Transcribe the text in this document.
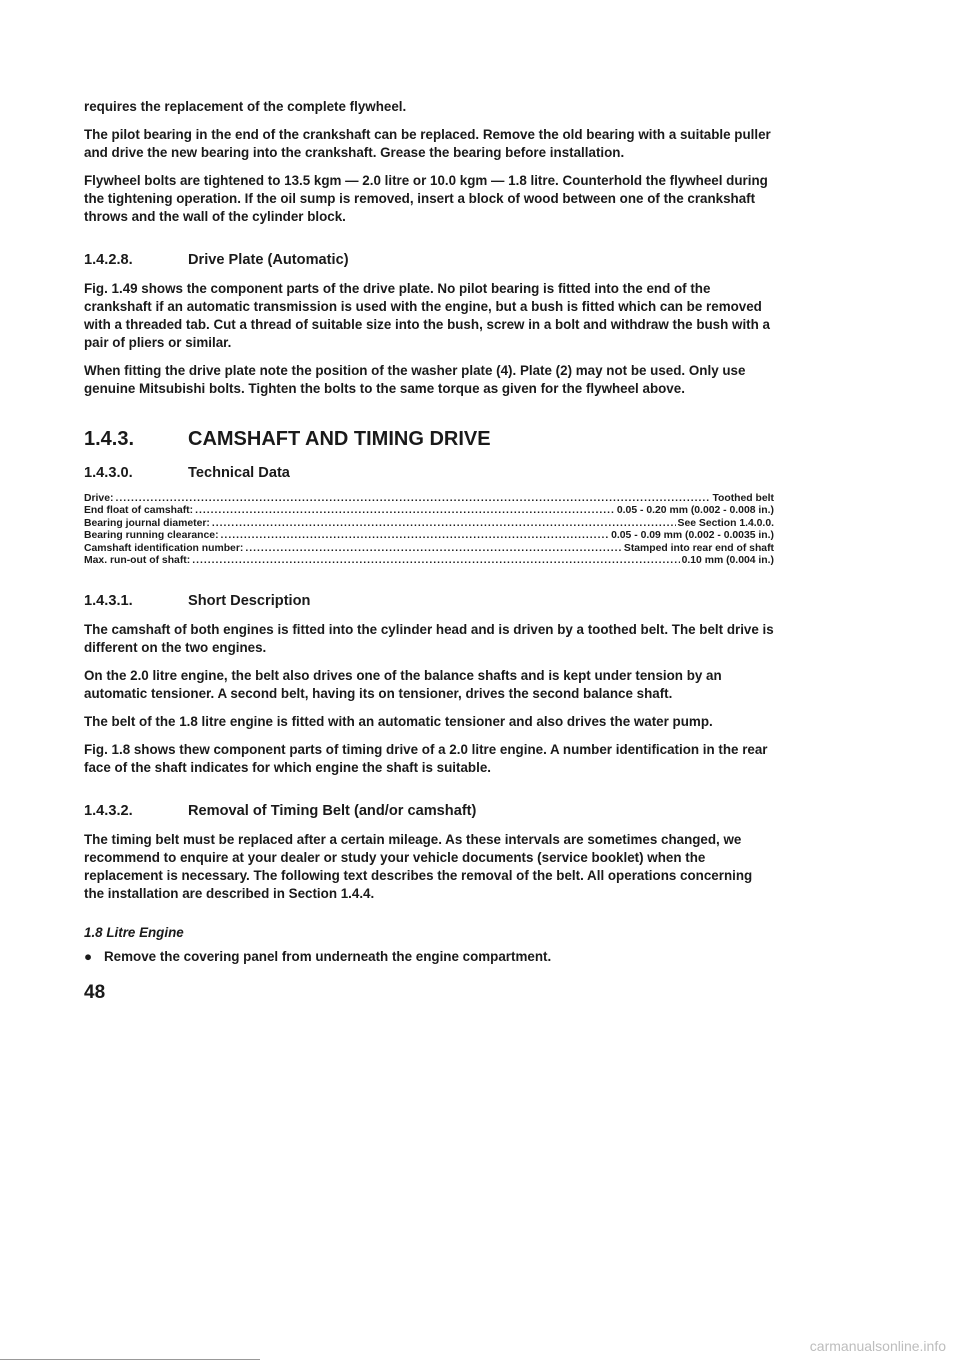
requires the replacement of the complete flywheel.

The pilot bearing in the end of the crankshaft can be replaced. Remove the old bearing with a suitable puller and drive the new bearing into the crankshaft. Grease the bearing before installation.

Flywheel bolts are tightened to 13.5 kgm — 2.0 litre or 10.0 kgm — 1.8 litre. Counterhold the flywheel during the tightening operation. If the oil sump is removed, insert a block of wood between one of the crankshaft throws and the wall of the cylinder block.

1.4.2.8.	Drive Plate (Automatic)

Fig. 1.49 shows the component parts of the drive plate. No pilot bearing is fitted into the end of the crankshaft if an automatic transmission is used with the engine, but a bush is fitted which can be removed with a threaded tab. Cut a thread of suitable size into the bush, screw in a bolt and withdraw the bush with a pair of pliers or similar.

When fitting the drive plate note the position of the washer plate (4). Plate (2) may not be used. Only use genuine Mitsubishi bolts. Tighten the bolts to the same torque as given for the flywheel above.

1.4.3.	CAMSHAFT AND TIMING DRIVE
1.4.3.0.	Technical Data
Drive: .....	Toothed belt
End float of camshaft: .....	0.05 - 0.20 mm (0.002 - 0.008 in.)
Bearing journal diameter: .....	See Section 1.4.0.0.
Bearing running clearance: .....	0.05 - 0.09 mm (0.002 - 0.0035 in.)
Camshaft identification number: .....	Stamped into rear end of shaft
Max. run-out of shaft: .....	0.10 mm (0.004 in.)
1.4.3.1.	Short Description

The camshaft of both engines is fitted into the cylinder head and is driven by a toothed belt. The belt drive is different on the two engines.

On the 2.0 litre engine, the belt also drives one of the balance shafts and is kept under tension by an automatic tensioner. A second belt, having its on tensioner, drives the second balance shaft.

The belt of the 1.8 litre engine is fitted with an automatic tensioner and also drives the water pump.

Fig. 1.8 shows thew component parts of timing drive of a 2.0 litre engine. A number identification in the rear face of the shaft indicates for which engine the shaft is suitable.

1.4.3.2.	Removal of Timing Belt (and/or camshaft)

The timing belt must be replaced after a certain mileage. As these intervals are sometimes changed, we recommend to enquire at your dealer or study your vehicle documents (service booklet) when the replacement is necessary. The following text describes the removal of the belt. All operations concerning the installation are described in Section 1.4.4.

1.8 Litre Engine
● Remove the covering panel from underneath the engine compartment.
48
carmanualsonline.info
